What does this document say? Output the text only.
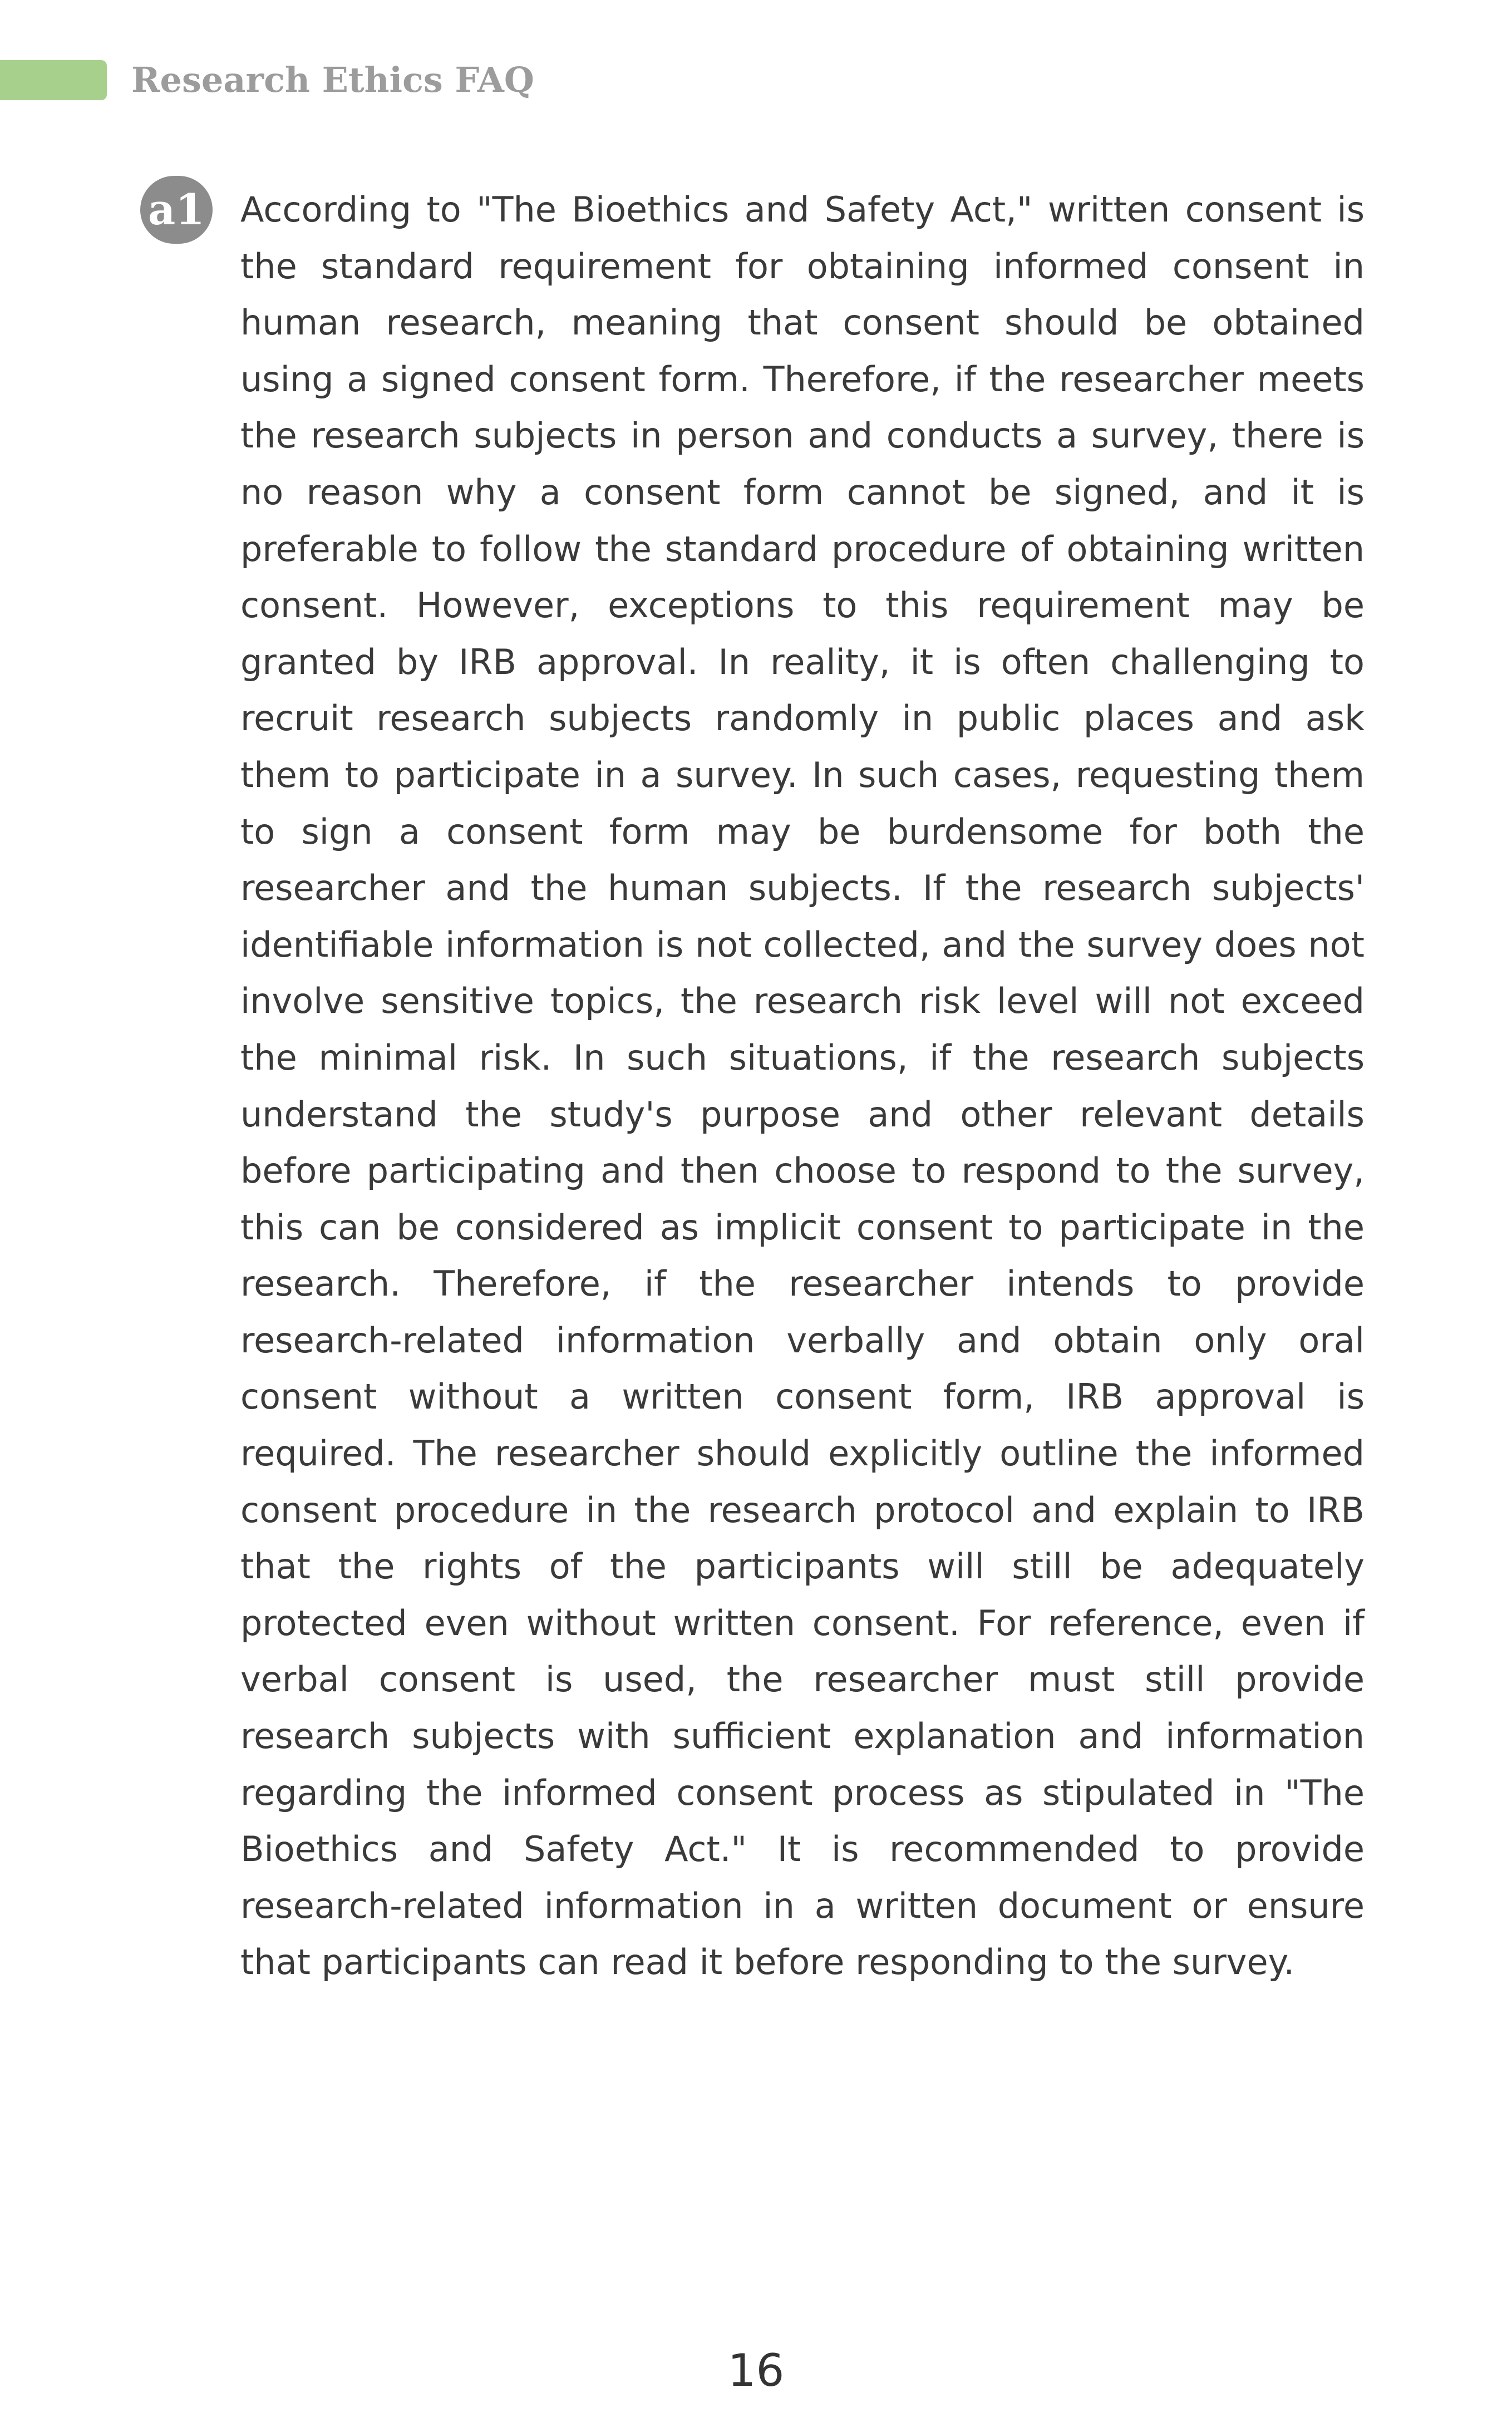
Research Ethics FAQ
a1 According to "The Bioethics and Safety Act," written consent is the standard requirement for obtaining informed consent in human research, meaning that consent should be obtained using a signed consent form. Therefore, if the researcher meets the research subjects in person and conducts a survey, there is no reason why a consent form cannot be signed, and it is preferable to follow the standard procedure of obtaining written consent. However, exceptions to this requirement may be granted by IRB approval. In reality, it is often challenging to recruit research subjects randomly in public places and ask them to participate in a survey. In such cases, requesting them to sign a consent form may be burdensome for both the researcher and the human subjects. If the research subjects' identifiable information is not collected, and the survey does not involve sensitive topics, the research risk level will not exceed the minimal risk. In such situations, if the research subjects understand the study's purpose and other relevant details before participating and then choose to respond to the survey, this can be considered as implicit consent to participate in the research. Therefore, if the researcher intends to provide research-related information verbally and obtain only oral consent without a written consent form, IRB approval is required. The researcher should explicitly outline the informed consent procedure in the research protocol and explain to IRB that the rights of the participants will still be adequately protected even without written consent. For reference, even if verbal consent is used, the researcher must still provide research subjects with sufficient explanation and information regarding the informed consent process as stipulated in "The Bioethics and Safety Act." It is recommended to provide research-related information in a written document or ensure that participants can read it before responding to the survey.

16
